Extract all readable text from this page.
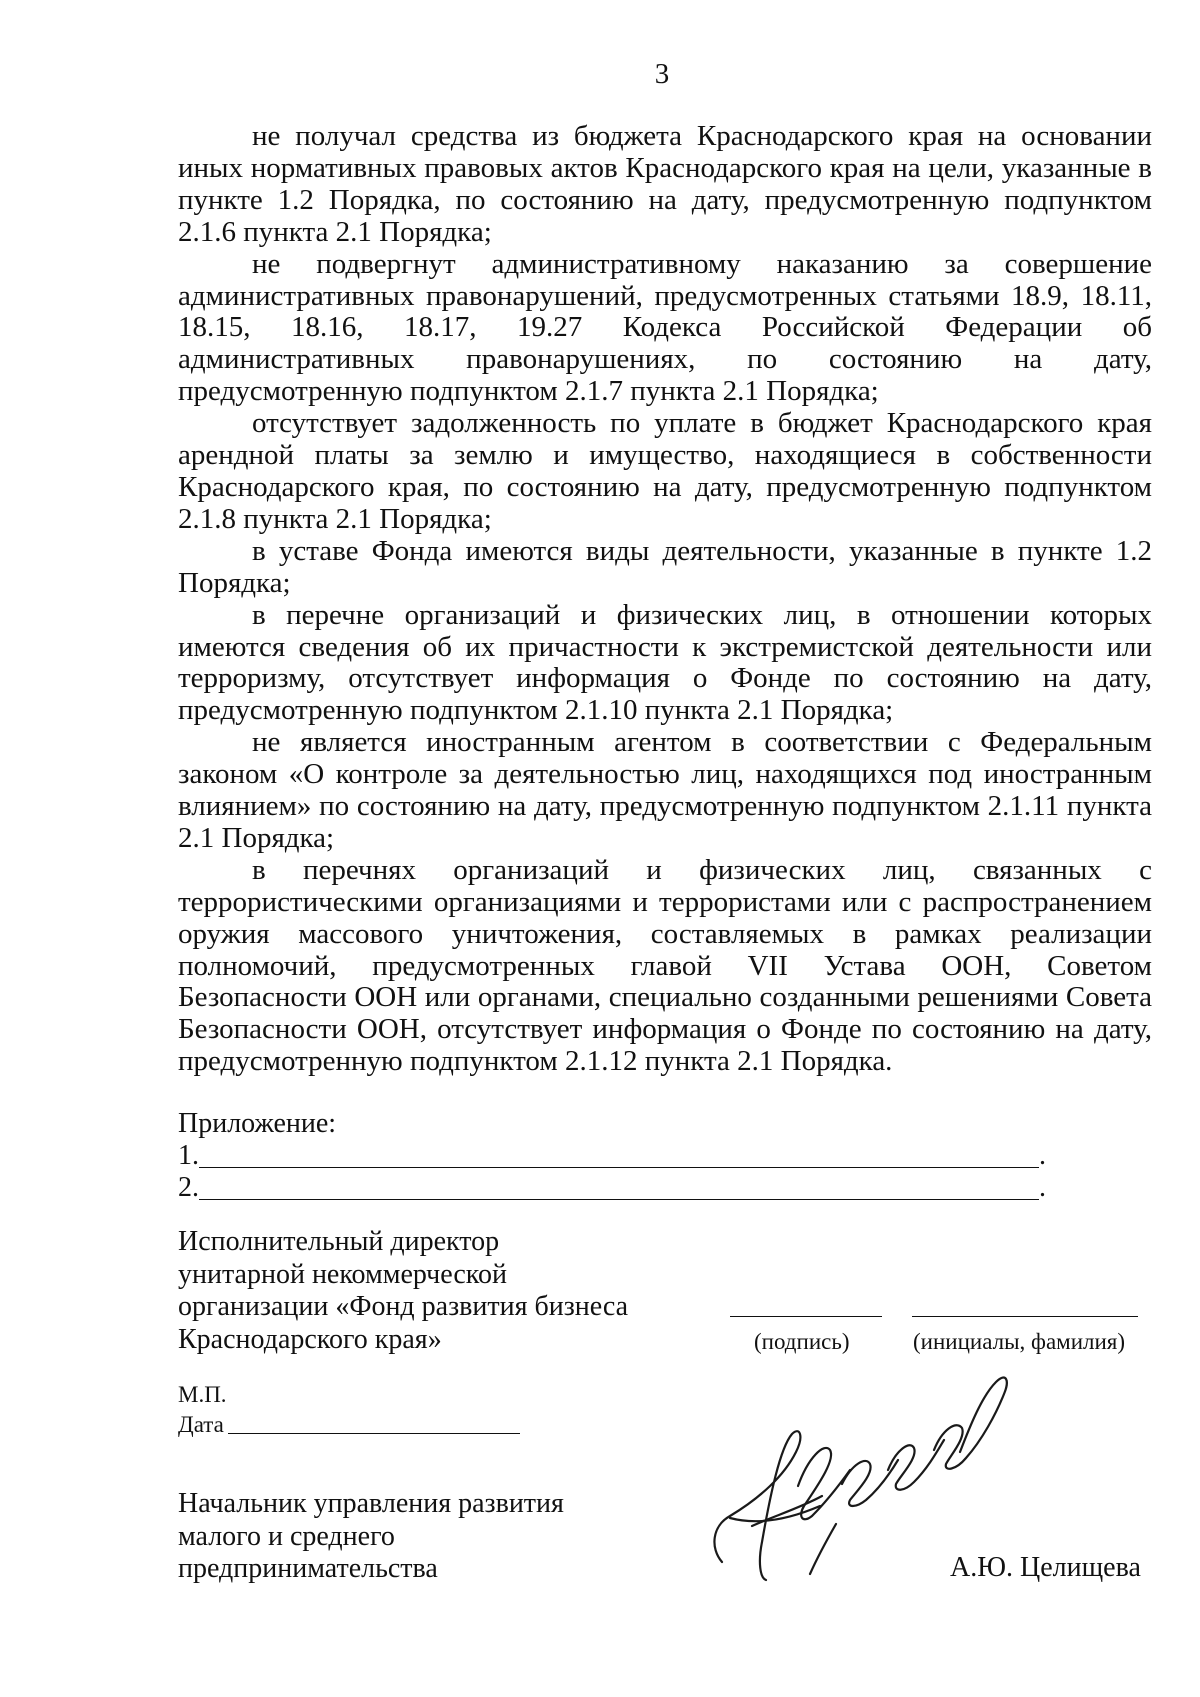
3

не получал средства из бюджета Краснодарского края на основании иных нормативных правовых актов Краснодарского края на цели, указанные в пункте 1.2 Порядка, по состоянию на дату, предусмотренную подпунктом 2.1.6 пункта 2.1 Порядка;

не подвергнут административному наказанию за совершение административных правонарушений, предусмотренных статьями 18.9, 18.11, 18.15, 18.16, 18.17, 19.27 Кодекса Российской Федерации об административных правонарушениях, по состоянию на дату, предусмотренную подпунктом 2.1.7 пункта 2.1 Порядка;

отсутствует задолженность по уплате в бюджет Краснодарского края арендной платы за землю и имущество, находящиеся в собственности Краснодарского края, по состоянию на дату, предусмотренную подпунктом 2.1.8 пункта 2.1 Порядка;

в уставе Фонда имеются виды деятельности, указанные в пункте 1.2 Порядка;

в перечне организаций и физических лиц, в отношении которых имеются сведения об их причастности к экстремистской деятельности или терроризму, отсутствует информация о Фонде по состоянию на дату, предусмотренную подпунктом 2.1.10 пункта 2.1 Порядка;

не является иностранным агентом в соответствии с Федеральным законом «О контроле за деятельностью лиц, находящихся под иностранным влиянием» по состоянию на дату, предусмотренную подпунктом 2.1.11 пункта 2.1 Порядка;

в перечнях организаций и физических лиц, связанных с террористическими организациями и террористами или с распространением оружия массового уничтожения, составляемых в рамках реализации полномочий, предусмотренных главой VII Устава ООН, Советом Безопасности ООН или органами, специально созданными решениями Совета Безопасности ООН, отсутствует информация о Фонде по состоянию на дату, предусмотренную подпунктом 2.1.12 пункта 2.1 Порядка.

Приложение:
1.	.
2.	.
Исполнительный директор
унитарной некоммерческой
организации «Фонд развития бизнеса
Краснодарского края»	(подпись)	(инициалы, фамилия)
М.П.
Дата
Начальник управления развития
малого и среднего
предпринимательства	А.Ю. Целищева
